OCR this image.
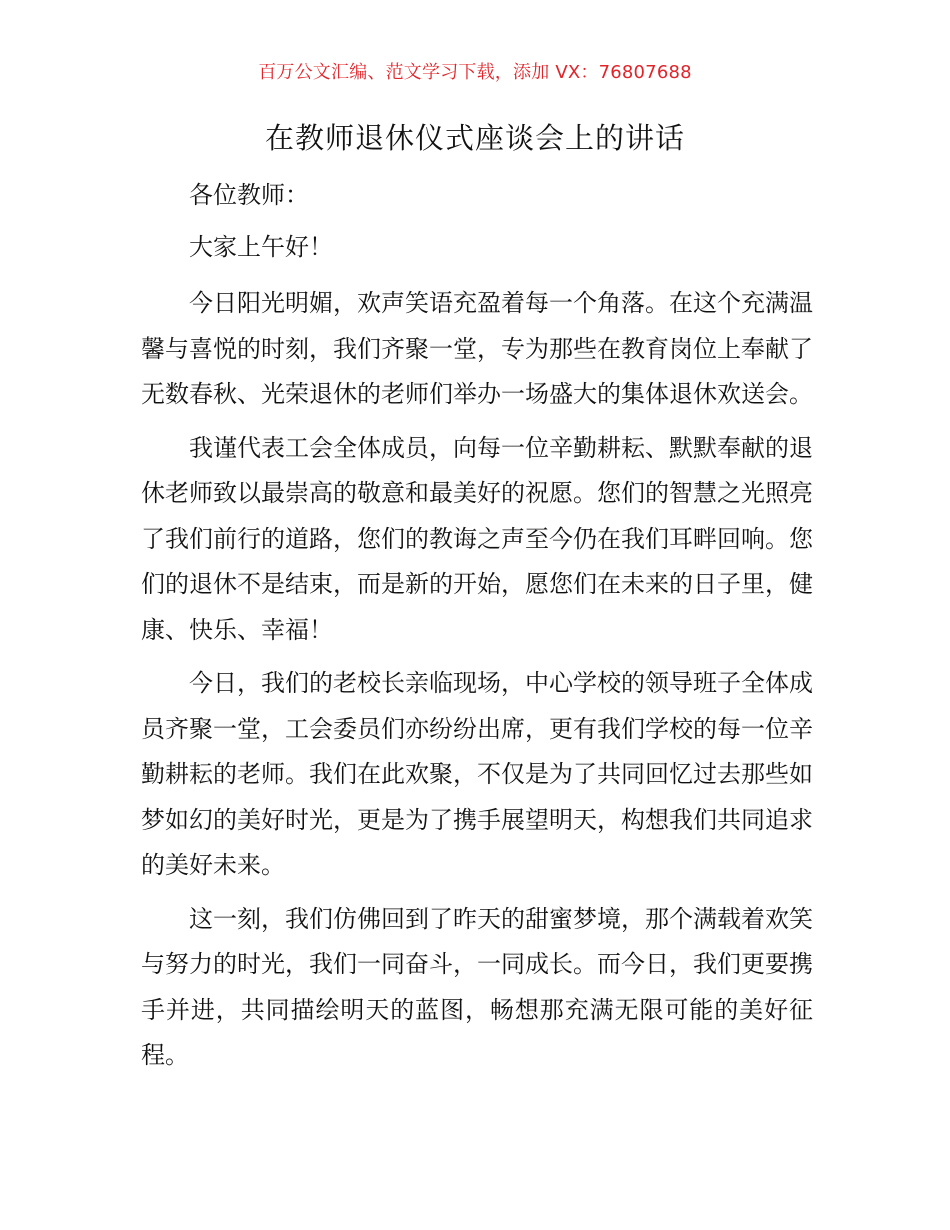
百万公文汇编、范文学习下载，添加 VX：76807688
在教师退休仪式座谈会上的讲话

各位教师：

大家上午好！

今日阳光明媚，欢声笑语充盈着每一个角落。在这个充满温馨与喜悦的时刻，我们齐聚一堂，专为那些在教育岗位上奉献了无数春秋、光荣退休的老师们举办一场盛大的集体退休欢送会。

我谨代表工会全体成员，向每一位辛勤耕耘、默默奉献的退休老师致以最崇高的敬意和最美好的祝愿。您们的智慧之光照亮了我们前行的道路，您们的教诲之声至今仍在我们耳畔回响。您们的退休不是结束，而是新的开始，愿您们在未来的日子里，健康、快乐、幸福！

今日，我们的老校长亲临现场，中心学校的领导班子全体成员齐聚一堂，工会委员们亦纷纷出席，更有我们学校的每一位辛勤耕耘的老师。我们在此欢聚，不仅是为了共同回忆过去那些如梦如幻的美好时光，更是为了携手展望明天，构想我们共同追求的美好未来。

这一刻，我们仿佛回到了昨天的甜蜜梦境，那个满载着欢笑与努力的时光，我们一同奋斗，一同成长。而今日，我们更要携手并进，共同描绘明天的蓝图，畅想那充满无限可能的美好征程。
